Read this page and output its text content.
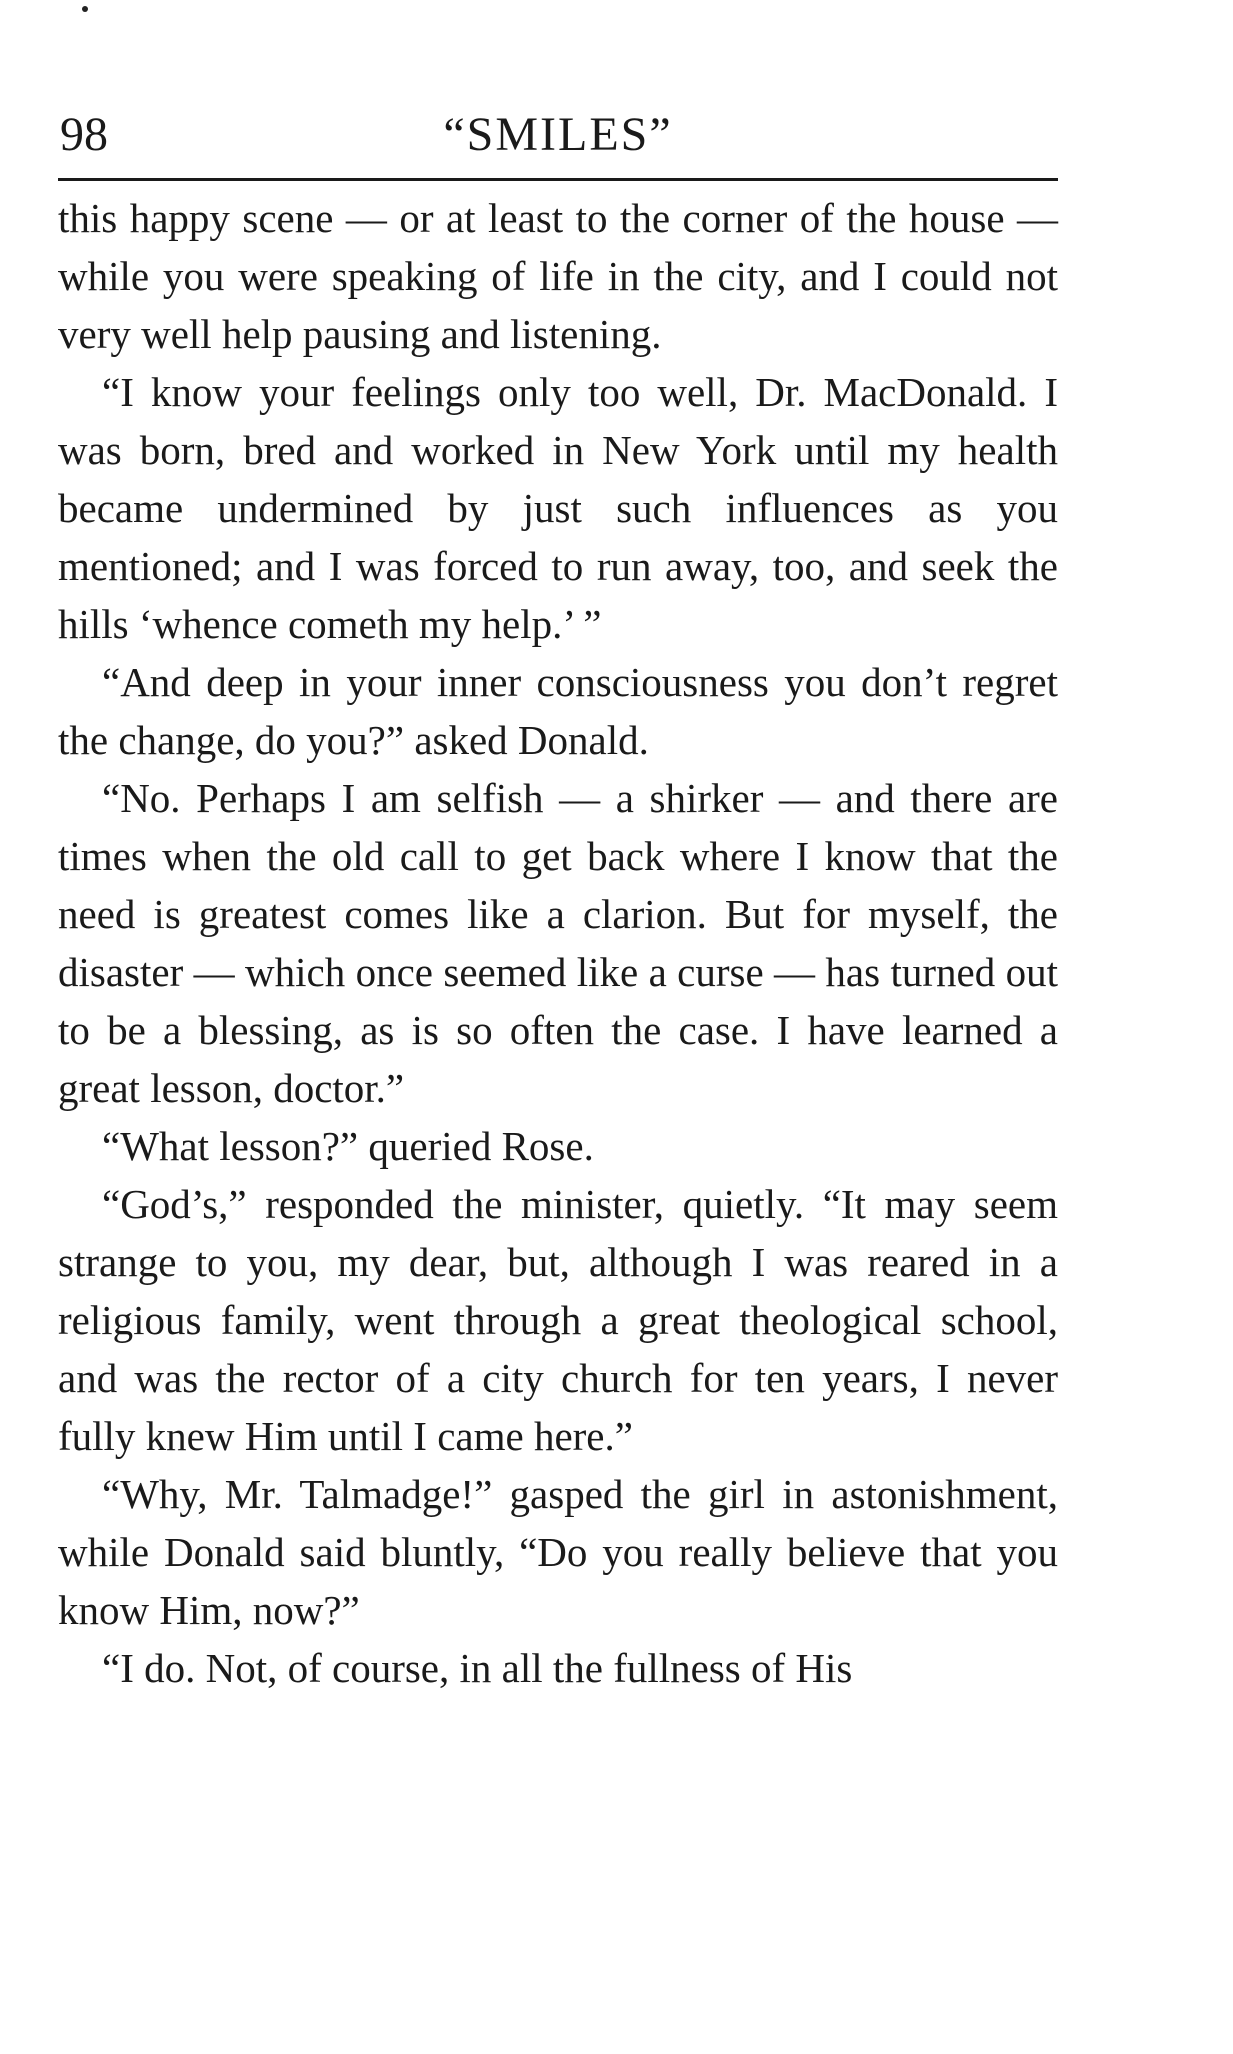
98	“SMILES”

this happy scene — or at least to the corner of the house — while you were speaking of life in the city, and I could not very well help pausing and listening.

“I know your feelings only too well, Dr. MacDonald. I was born, bred and worked in New York until my health became undermined by just such influences as you mentioned; and I was forced to run away, too, and seek the hills ‘whence cometh my help.’ ”

“And deep in your inner consciousness you don’t regret the change, do you?” asked Donald.

“No. Perhaps I am selfish — a shirker — and there are times when the old call to get back where I know that the need is greatest comes like a clarion. But for myself, the disaster — which once seemed like a curse — has turned out to be a blessing, as is so often the case. I have learned a great lesson, doctor.”

“What lesson?” queried Rose.

“God’s,” responded the minister, quietly. “It may seem strange to you, my dear, but, although I was reared in a religious family, went through a great theological school, and was the rector of a city church for ten years, I never fully knew Him until I came here.”

“Why, Mr. Talmadge!” gasped the girl in astonishment, while Donald said bluntly, “Do you really believe that you know Him, now?”

“I do. Not, of course, in all the fullness of His
